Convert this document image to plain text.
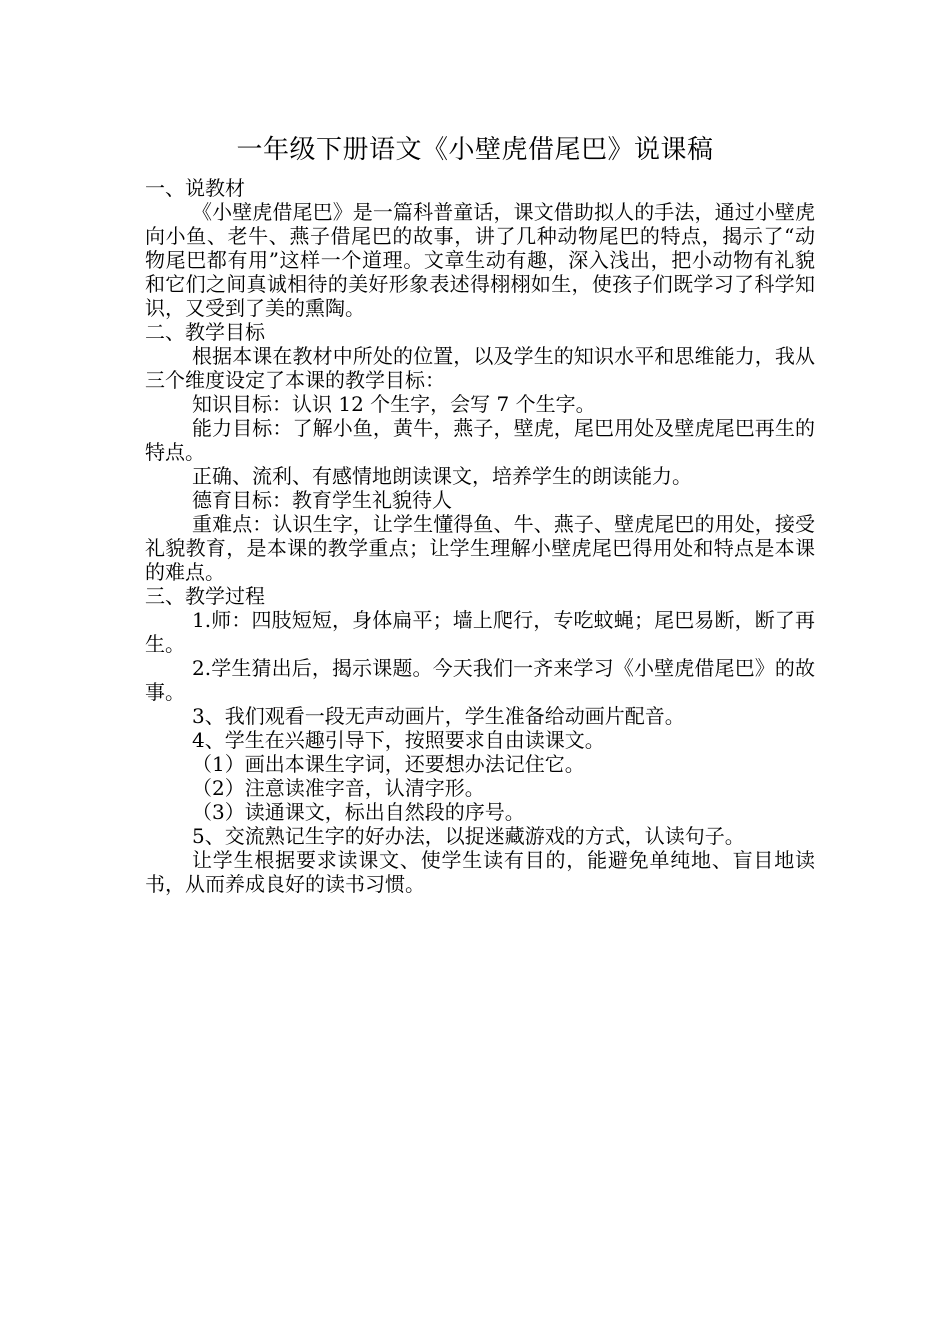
一年级下册语文《小壁虎借尾巴》说课稿

一、说教材

《小壁虎借尾巴》是一篇科普童话，课文借助拟人的手法，通过小壁虎向小鱼、老牛、燕子借尾巴的故事，讲了几种动物尾巴的特点，揭示了“动物尾巴都有用”这样一个道理。文章生动有趣，深入浅出，把小动物有礼貌和它们之间真诚相待的美好形象表述得栩栩如生，使孩子们既学习了科学知识，又受到了美的熏陶。

二、教学目标

根据本课在教材中所处的位置，以及学生的知识水平和思维能力，我从三个维度设定了本课的教学目标：

知识目标：认识 12 个生字，会写 7 个生字。

能力目标：了解小鱼，黄牛，燕子，壁虎，尾巴用处及壁虎尾巴再生的特点。

正确、流利、有感情地朗读课文，培养学生的朗读能力。

德育目标：教育学生礼貌待人

重难点：认识生字，让学生懂得鱼、牛、燕子、壁虎尾巴的用处，接受礼貌教育，是本课的教学重点；让学生理解小壁虎尾巴得用处和特点是本课的难点。

三、教学过程

1.师：四肢短短，身体扁平；墙上爬行，专吃蚊蝇；尾巴易断，断了再生。

2.学生猜出后，揭示课题。今天我们一齐来学习《小壁虎借尾巴》的故事。

3、我们观看一段无声动画片，学生准备给动画片配音。

4、学生在兴趣引导下，按照要求自由读课文。

（1）画出本课生字词，还要想办法记住它。

（2）注意读准字音，认清字形。

（3）读通课文，标出自然段的序号。

5、交流熟记生字的好办法，以捉迷藏游戏的方式，认读句子。

让学生根据要求读课文、使学生读有目的，能避免单纯地、盲目地读书，从而养成良好的读书习惯。
